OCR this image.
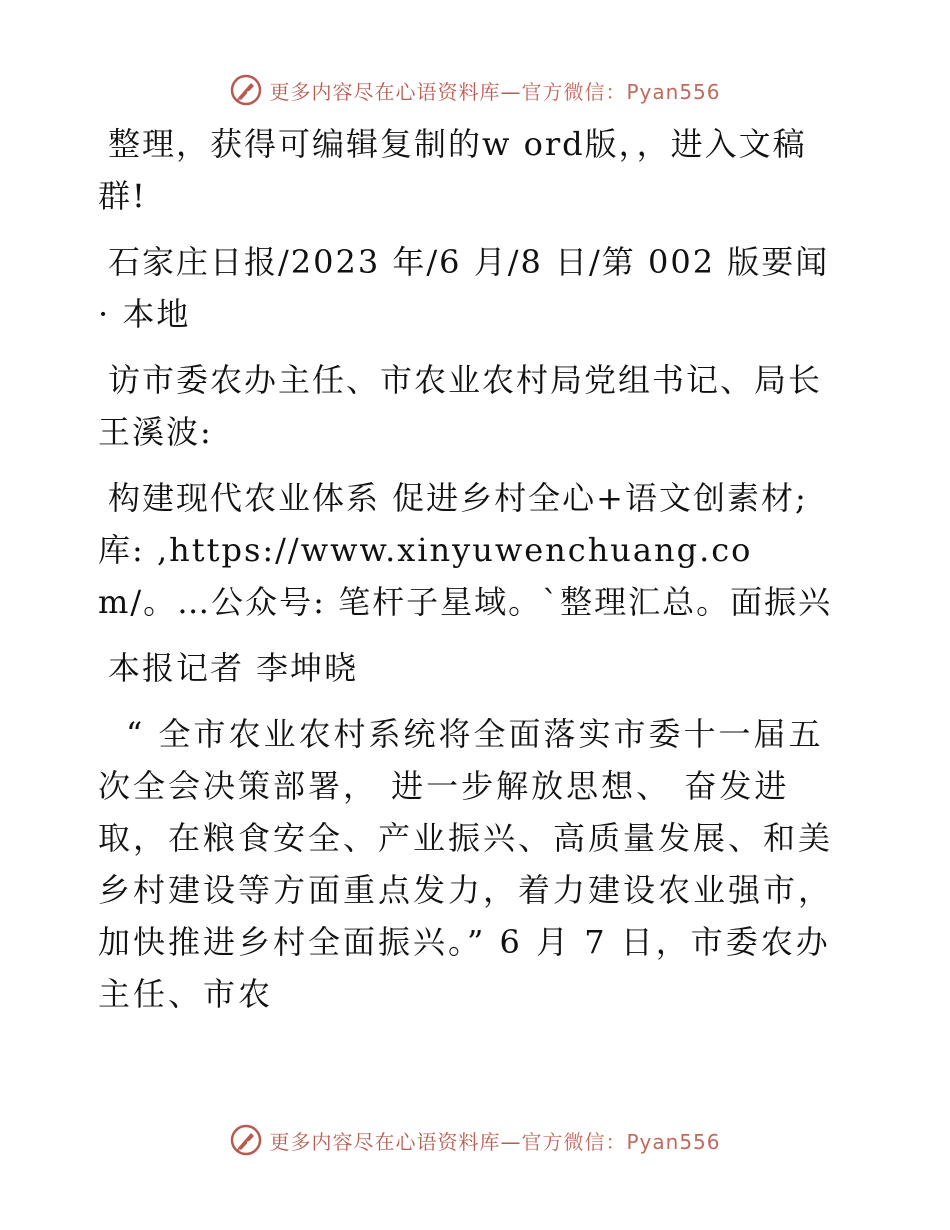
更多内容尽在心语资料库—官方微信：Pyan556

整理，获得可编辑复制的w ord版，，进入文稿群!

石家庄日报/2023 年/6 月/8 日/第 002 版要闻 · 本地

访市委农办主任、市农业农村局党组书记、局长王溪波:

构建现代农业体系 促进乡村全心+语文创素材;库: ,https://www.xinyuwenchuang.com/。…公众号: 笔杆子星域。`整理汇总。面振兴

本报记者 李坤晓

“ 全市农业农村系统将全面落实市委十一届五次全会决策部署， 进一步解放思想、 奋发进取，在粮食安全、产业振兴、高质量发展、和美乡村建设等方面重点发力，着力建设农业强市，加快推进乡村全面振兴。” 6 月 7 日，市委农办主任、市农

更多内容尽在心语资料库—官方微信：Pyan556
